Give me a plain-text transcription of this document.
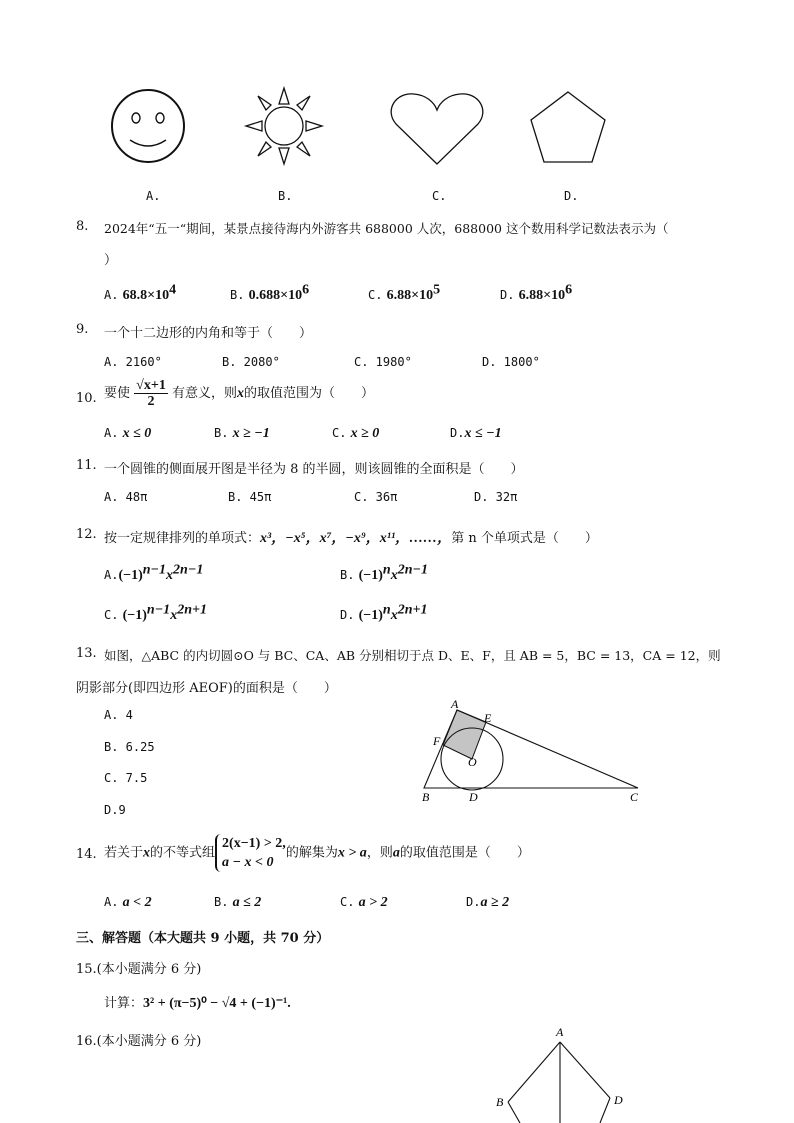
A.	B.	C.	D.
8. 2024年“五一“期间，某景点接待海内外游客共 688000 人次，688000 这个数用科学记数法表示为（
）
A. $68.8\times 10^4$	B. $0.688\times 10^6$	C. $6.88\times 10^5$	D. $6.88\times 10^6$
9. 一个十二边形的内角和等于（　　）
A. 2160°	B. 2080°	C. 1980°	D. 1800°
10. 要使 $\frac{√x+1}{2}$ 有意义，则x的取值范围为（　　）
A. x ≤ 0	B. x ≥ −1	C. x ≥ 0	D.x ≤ −1
11. 一个圆锥的侧面展开图是半径为 8 的半圆，则该圆锥的全面积是（　　）
A. 48π	B. 45π	C. 36π	D. 32π
12. 按一定规律排列的单项式：x³，−x⁵，x⁷，−x⁹，x¹¹，……，第 n 个单项式是（　　）
$A.(-1)^{n-1}x^{2n-1}$	B. $(-1)^nx^{2n-1}$
C. $(-1)^{n-1}x^{2n+1}$	D. $(-1)^nx^{2n+1}$
13. 如图，△ABC 的内切圆⊙O 与 BC、CA、AB 分别相切于点 D、E、F，且 AB = 5，BC = 13，CA = 12，则
阴影部分(即四边形 AEOF)的面积是（　　）
A. 4
B. 6.25
C. 7.5
D.9
A
E
F
O
B	D	C
14. 若关于x的不等式组
2(x−1) > 2,
a − x < 0
的解集为x > a，则a的取值范围是（　　）
A. a < 2	B. a ≤ 2	C. a > 2	D.a ≥ 2
三、解答题（本大题共 9 小题，共 70 分）
15.(本小题满分 6 分)
计算：3² + (π−5)⁰ − √4 + (−1)⁻¹.
16.(本小题满分 6 分)
A
B	D
